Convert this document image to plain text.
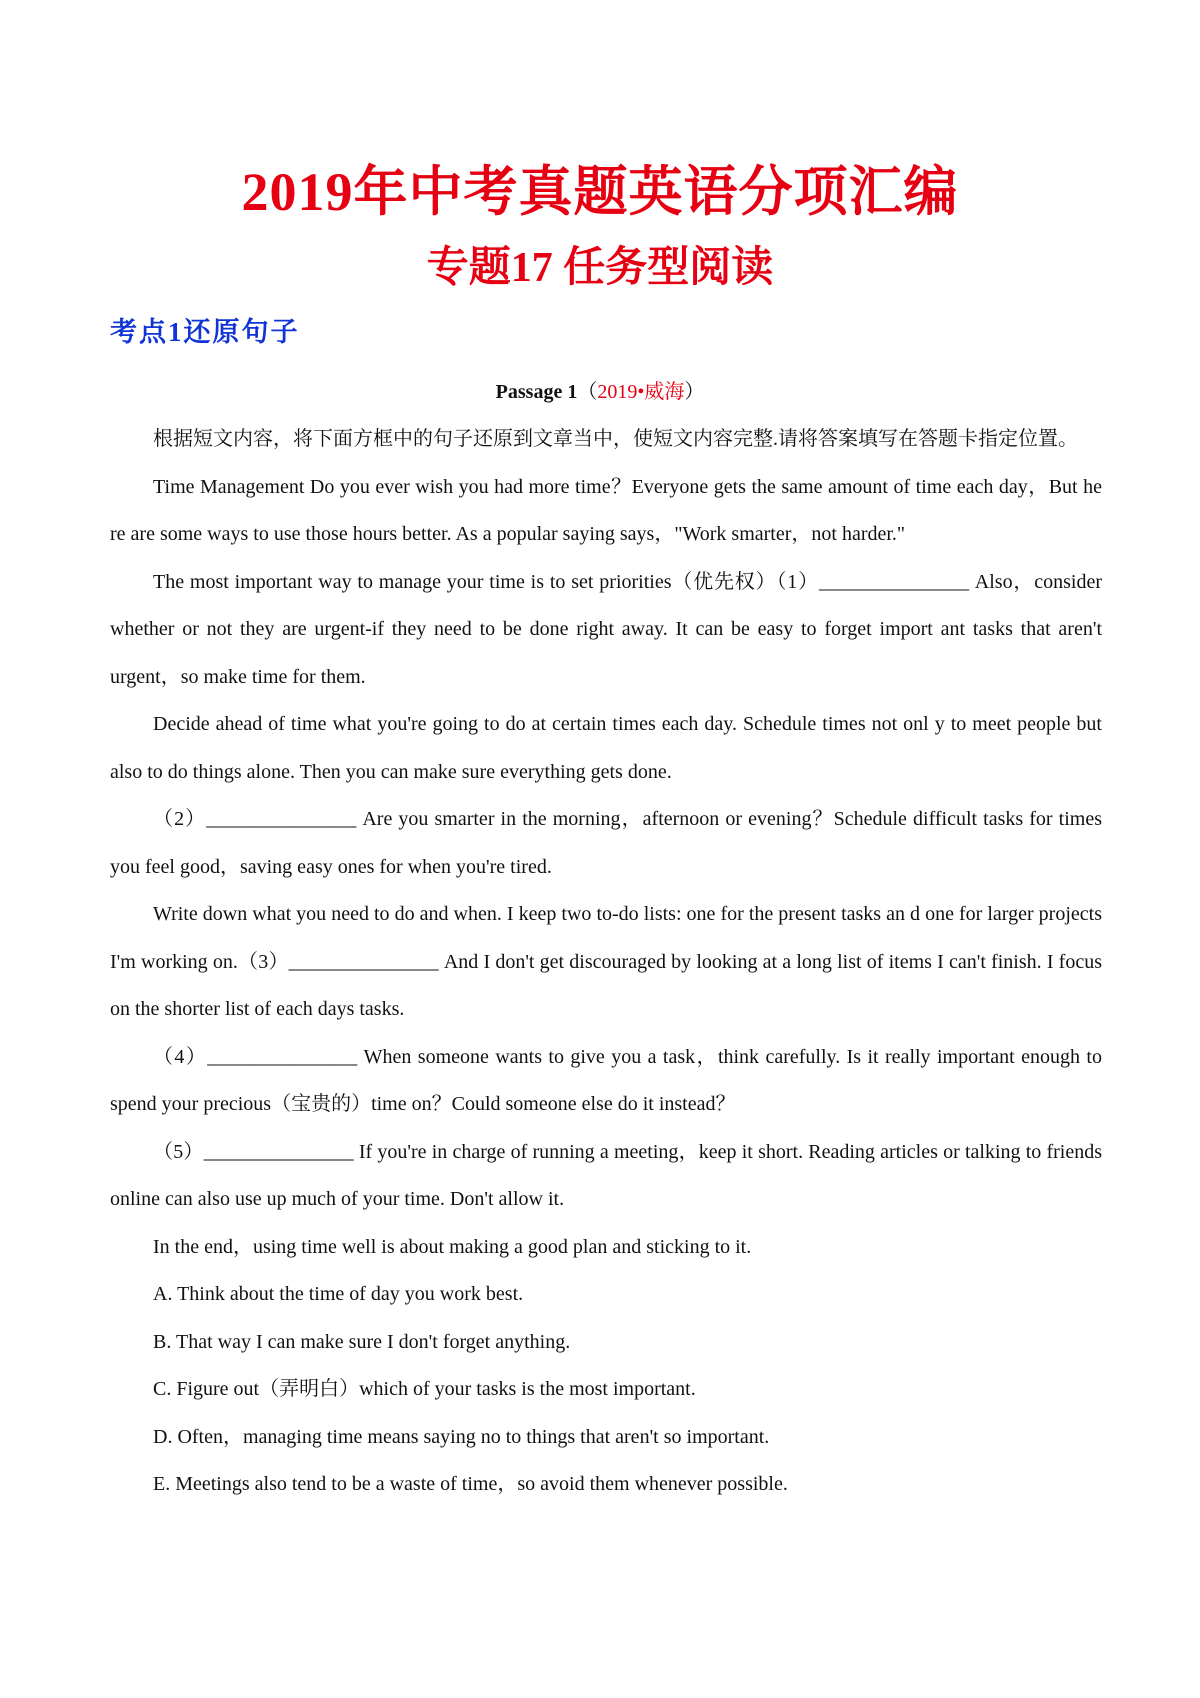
2019年中考真题英语分项汇编
专题17 任务型阅读
考点1还原句子
Passage 1（2019•威海）

根据短文内容，将下面方框中的句子还原到文章当中，使短文内容完整.请将答案填写在答题卡指定位置。

Time Management Do you ever wish you had more time？Everyone gets the same amount of time each day，But he re are some ways to use those hours better. As a popular saying says，"Work smarter，not harder."

The most important way to manage your time is to set priorities（优先权）（1）_______________ Also，consider whether or not they are urgent-if they need to be done right away. It can be easy to forget import ant tasks that aren't urgent，so make time for them.

Decide ahead of time what you're going to do at certain times each day. Schedule times not onl y to meet people but also to do things alone. Then you can make sure everything gets done.

（2）_______________ Are you smarter in the morning，afternoon or evening？Schedule difficult tasks for times you feel good，saving easy ones for when you're tired.

Write down what you need to do and when. I keep two to-do lists: one for the present tasks an d one for larger projects I'm working on.（3）_______________ And I don't get discouraged by looking at a long list of items I can't finish. I focus on the shorter list of each days tasks.

（4）_______________ When someone wants to give you a task，think carefully. Is it really important enough to spend your precious（宝贵的）time on？Could someone else do it instead？

（5）_______________ If you're in charge of running a meeting，keep it short. Reading articles or talking to friends online can also use up much of your time. Don't allow it.

In the end，using time well is about making a good plan and sticking to it.

A. Think about the time of day you work best.

B. That way I can make sure I don't forget anything.

C. Figure out（弄明白）which of your tasks is the most important.

D. Often，managing time means saying no to things that aren't so important.

E. Meetings also tend to be a waste of time，so avoid them whenever possible.
